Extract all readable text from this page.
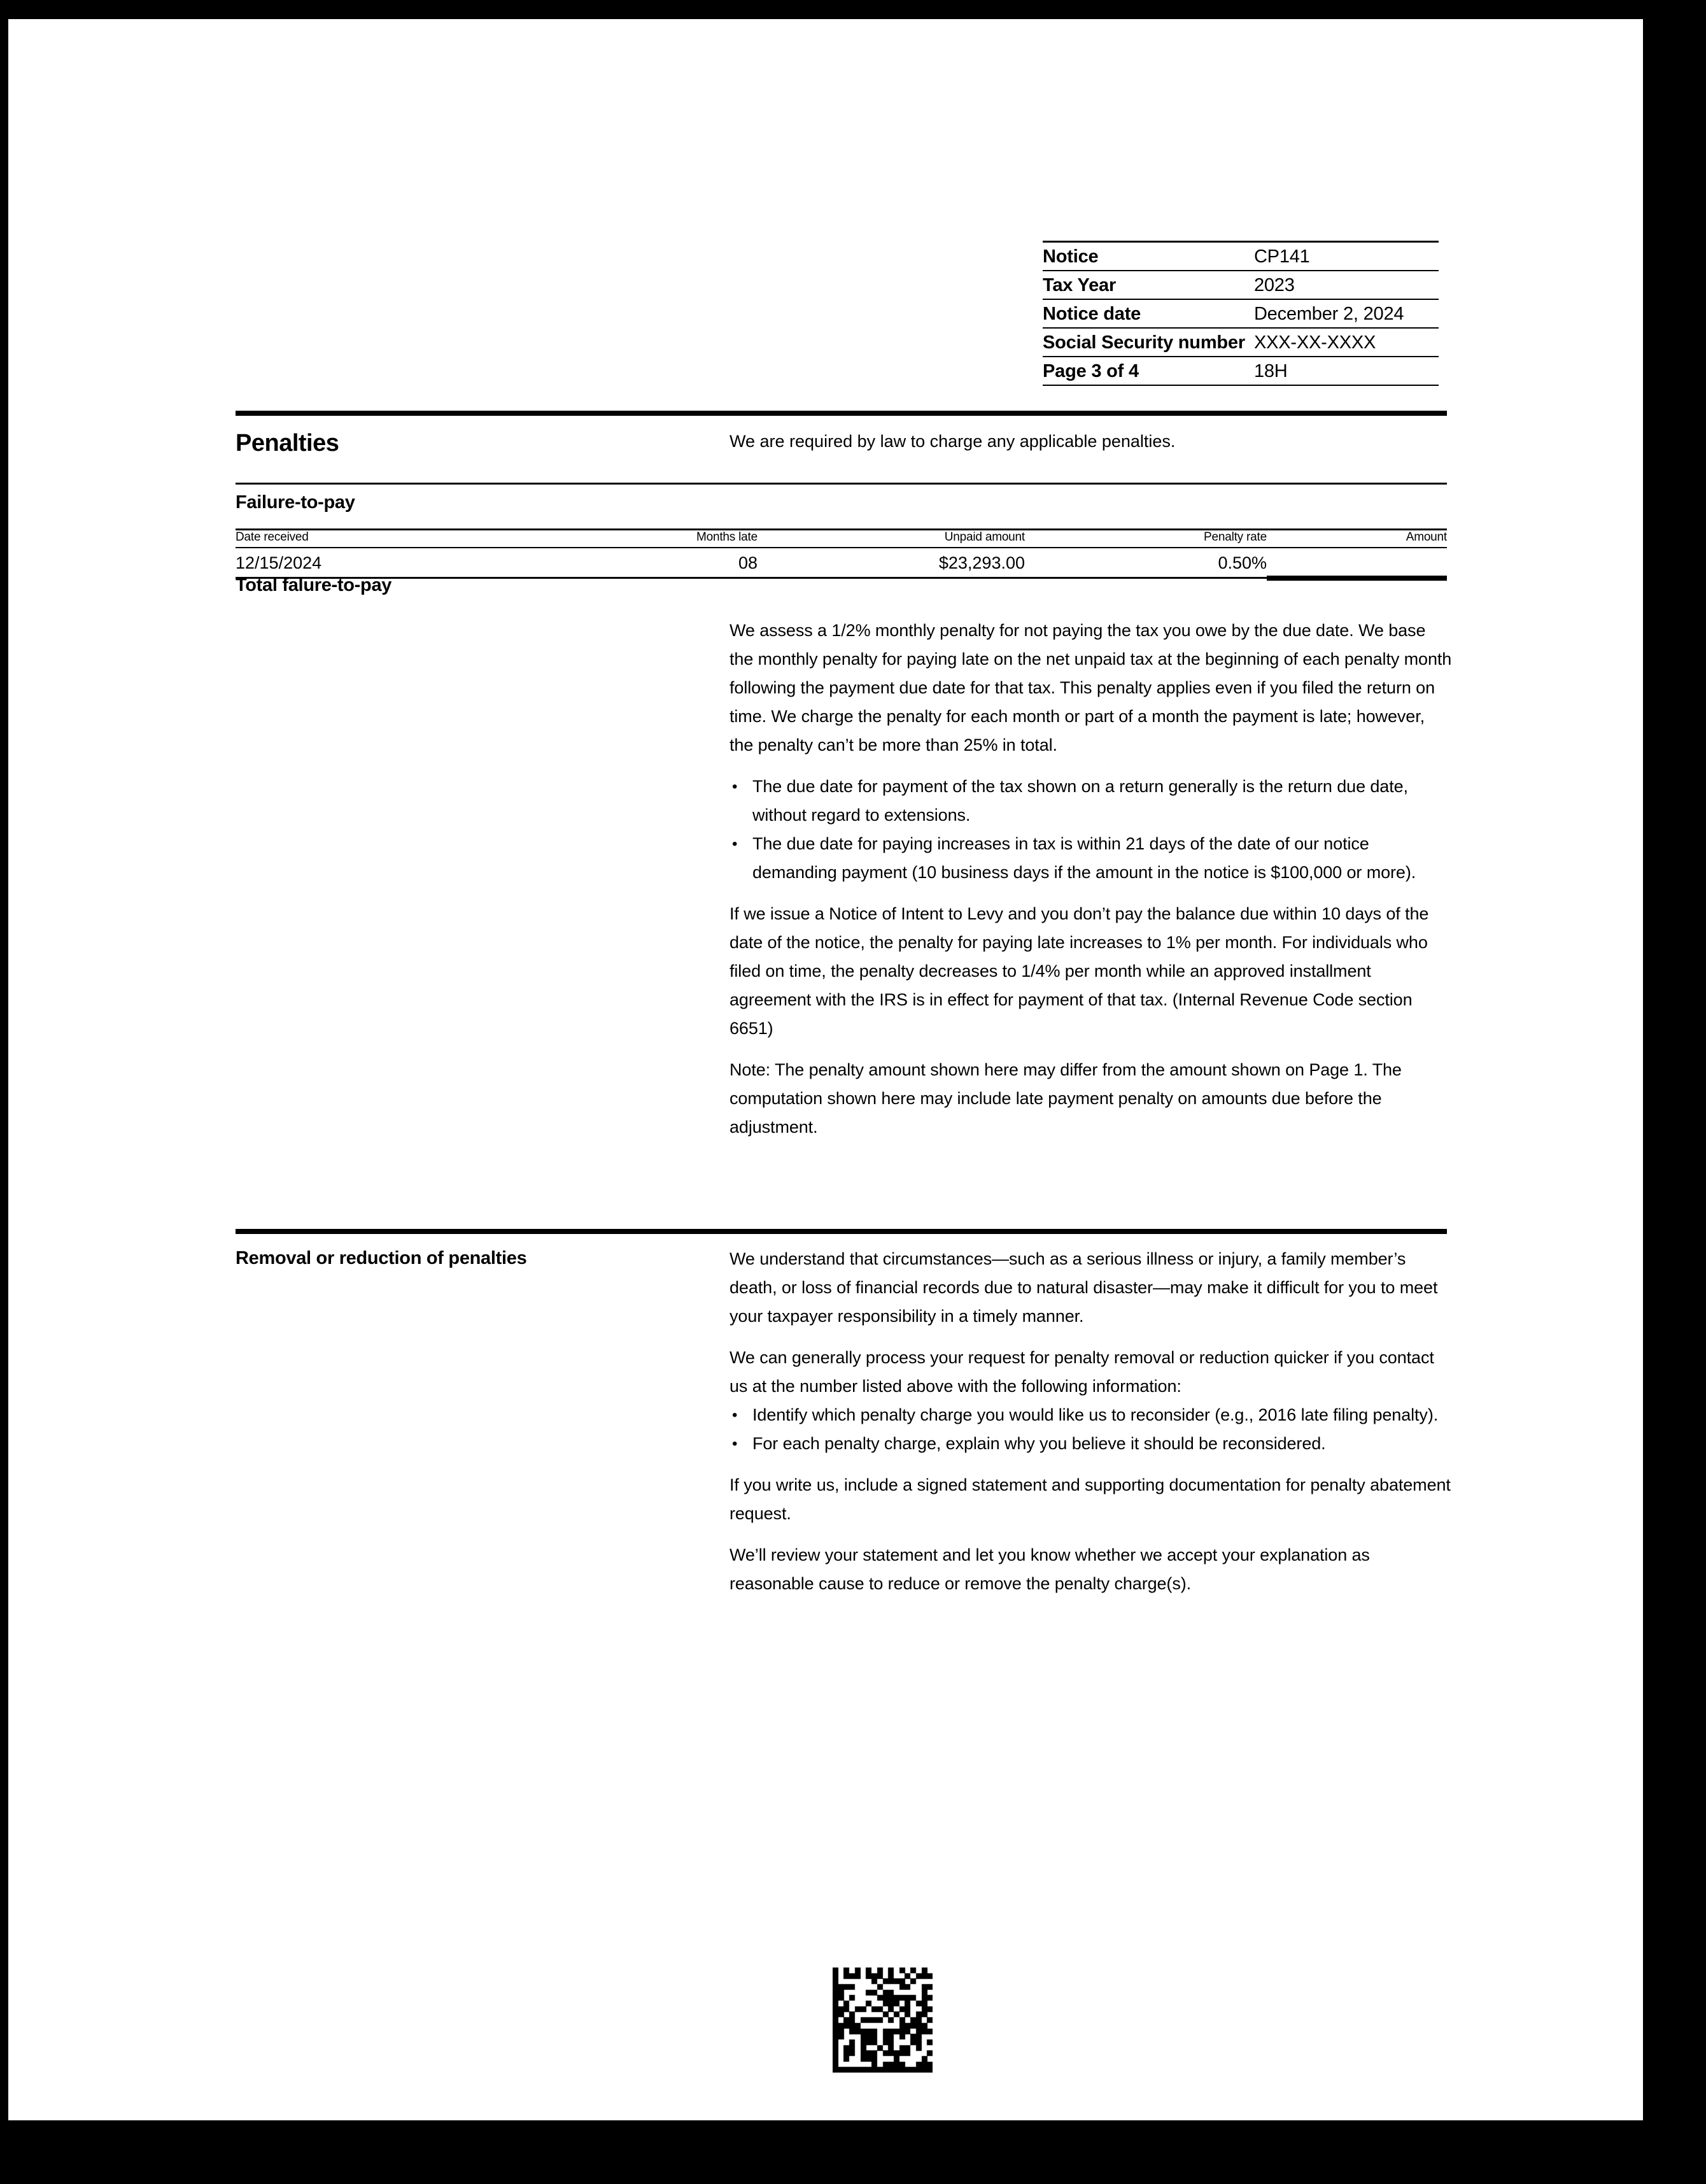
Notice	CP141
Tax Year	2023
Notice date	December 2, 2024
Social Security number	XXX-XX-XXXX
Page 3 of 4	18H
Penalties	We are required by law to charge any applicable penalties.
Failure-to-pay
Date received	Months late	Unpaid amount	Penalty rate	Amount
12/15/2024	08	$23,293.00	0.50%	
Total falure-to-pay

We assess a 1/2% monthly penalty for not paying the tax you owe by the due date. We base the monthly penalty for paying late on the net unpaid tax at the beginning of each penalty month following the payment due date for that tax. This penalty applies even if you filed the return on time. We charge the penalty for each month or part of a month the payment is late; however, the penalty can’t be more than 25% in total.

• The due date for payment of the tax shown on a return generally is the return due date, without regard to extensions.
• The due date for paying increases in tax is within 21 days of the date of our notice demanding payment (10 business days if the amount in the notice is $100,000 or more).

If we issue a Notice of Intent to Levy and you don’t pay the balance due within 10 days of the date of the notice, the penalty for paying late increases to 1% per month. For individuals who filed on time, the penalty decreases to 1/4% per month while an approved installment agreement with the IRS is in effect for payment of that tax. (Internal Revenue Code section 6651)

Note: The penalty amount shown here may differ from the amount shown on Page 1. The computation shown here may include late payment penalty on amounts due before the adjustment.

Removal or reduction of penalties	We understand that circumstances—such as a serious illness or injury, a family member’s death, or loss of financial records due to natural disaster—may make it difficult for you to meet your taxpayer responsibility in a timely manner.

We can generally process your request for penalty removal or reduction quicker if you contact us at the number listed above with the following information:

• Identify which penalty charge you would like us to reconsider (e.g., 2016 late filing penalty).
• For each penalty charge, explain why you believe it should be reconsidered.

If you write us, include a signed statement and supporting documentation for penalty abatement request.

We’ll review your statement and let you know whether we accept your explanation as reasonable cause to reduce or remove the penalty charge(s).
